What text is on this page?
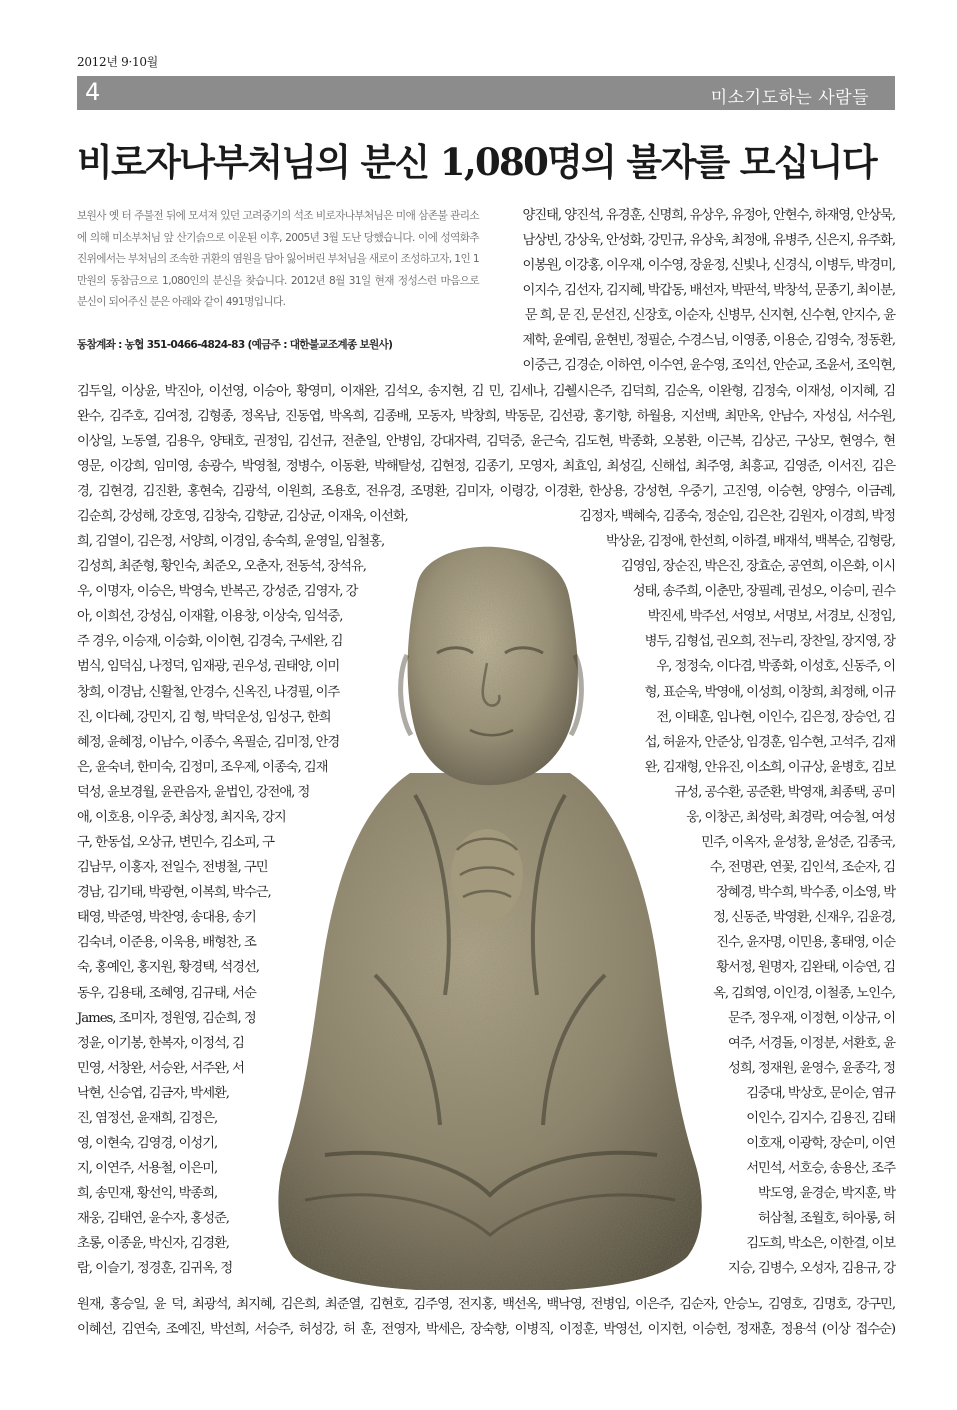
2012년 9·10월
4	미소기도하는 사람들
비로자나부처님의 분신 1,080명의 불자를 모십니다
보원사 옛 터 주불전 뒤에 모셔져 있던 고려중기의 석조 비로자나부처님은 미애 삼존불 관리소에 의해 미소부처님 앞 산기슭으로 이운된 이후, 2005년 3월 도난 당했습니다. 이에 성역화추진위에서는 부처님의 조속한 귀환의 염원을 담아 잃어버린 부처님을 새로이 조성하고자, 1인 1만원의 동참금으로 1,080인의 분신을 찾습니다. 2012년 8월 31일 현재 정성스런 마음으로 분신이 되어주신 분은 아래와 같이 491명입니다.
동참계좌 : 농협 351-0466-4824-83 (예금주 : 대한불교조계종 보원사)
양진태, 양진석, 유경훈, 신명희, 유상우, 유정아, 안현수, 하재영, 안상묵,
남상빈, 강상욱, 안성화, 강민규, 유상욱, 최정애, 유병주, 신은지, 유주화,
이봉원, 이강홍, 이우재, 이수영, 장윤정, 신빛나, 신경식, 이병두, 박경미,
이지수, 김선자, 김지혜, 박갑동, 배선자, 박판석, 박창석, 문종기, 최이분,
문 희, 문 진, 문선진, 신장호, 이순자, 신병무, 신지현, 신수현, 안지수, 윤
제학, 윤예림, 윤현빈, 정필순, 수경스님, 이영종, 이용순, 김영숙, 정동환,
이중근, 김경순, 이하연, 이수연, 윤수영, 조익선, 안순교, 조윤서, 조익현,
김두일, 이상윤, 박진아, 이선영, 이승아, 황영미, 이재완, 김석오, 송지현, 김 민, 김세나, 김췔시은주, 김덕희, 김순옥, 이완형, 김정숙, 이재성, 이지혜, 김
완수, 김주호, 김여정, 김형종, 정옥남, 진동엽, 박옥희, 김종배, 모동자, 박창희, 박동문, 김선광, 홍기향, 하월용, 지선백, 최만옥, 안남수, 자성심, 서수원,
이상일, 노동열, 김용우, 양태호, 권정임, 김선규, 전춘일, 안병임, 강대자력, 김덕중, 윤근숙, 김도현, 박종화, 오봉환, 이근복, 김상곤, 구상모, 현영수, 현
영문, 이강희, 임미영, 송광수, 박영철, 정병수, 이동환, 박해탈성, 김현정, 김종기, 모영자, 최효임, 최성길, 신해섭, 최주영, 최흥교, 김영준, 이서진, 김은
경, 김현경, 김진환, 홍현숙, 김광석, 이원희, 조용호, 전유경, 조명환, 김미자, 이령강, 이경환, 한상용, 강성현, 우중기, 고진영, 이승현, 양영수, 이금례,
김순희, 강성해, 강호영, 김창숙, 김향균, 김상균, 이재욱, 이선화,
희, 김열이, 김은정, 서양희, 이경임, 송숙희, 윤영일, 임철홍,
김성희, 최준형, 황인숙, 최준오, 오춘자, 전동석, 장석유,
우, 이명자, 이승은, 박영숙, 반복곤, 강성준, 김영자, 강
아, 이희선, 강성심, 이재활, 이용창, 이상숙, 임석중,
주 경우, 이승재, 이승화, 이이현, 김경숙, 구세완, 김
범식, 임덕심, 나정덕, 임재광, 권우성, 권태양, 이미
창희, 이경남, 신활철, 안경수, 신옥진, 나경필, 이주
진, 이다혜, 강민지, 김 형, 박덕운성, 임성구, 한희
혜정, 윤혜정, 이남수, 이종수, 옥필순, 김미정, 안경
은, 윤숙녀, 한미숙, 김정미, 조우제, 이종숙, 김재
덕성, 윤보경월, 윤관음자, 윤법인, 강전애, 정
애, 이호용, 이우중, 최상정, 최지욱, 강지
구, 한동섭, 오상규, 변민수, 김소피, 구
김남무, 이홍자, 전일수, 전병철, 구민
경남, 김기태, 박광현, 이복희, 박수근,
태영, 박준영, 박찬영, 송대용, 송기
김숙녀, 이준용, 이욱용, 배형찬, 조
숙, 홍예인, 홍지원, 황경택, 석경선,
동우, 김용태, 조혜영, 김규태, 서순
James, 조미자, 정원영, 김순희, 정
정윤, 이기봉, 한복자, 이정석, 김
민영, 서창완, 서승완, 서주완, 서
낙현, 신승엽, 김금자, 박세환,
진, 염정선, 윤재희, 김정은,
영, 이현숙, 김영경, 이성기,
지, 이연주, 서용철, 이은미,
희, 송민재, 황선익, 박종희,
재웅, 김태연, 윤수자, 홍성준,
초롱, 이종윤, 박신자, 김경환,
람, 이슬기, 정경훈, 김귀옥, 정
김정자, 백혜숙, 김종숙, 정순임, 김은찬, 김원자, 이경희, 박정
박상윤, 김정애, 한선희, 이하결, 배재석, 백복순, 김형랑,
김영임, 장순진, 박은진, 장효순, 공연희, 이은화, 이시
성태, 송주희, 이춘만, 장필례, 권성오, 이승미, 권수
박진세, 박주선, 서영보, 서명보, 서경보, 신정임,
병두, 김형섭, 권오희, 전누리, 장찬일, 장지영, 장
우, 정정숙, 이다겸, 박종화, 이성호, 신동주, 이
형, 표순욱, 박영애, 이성희, 이창희, 최정해, 이규
전, 이태훈, 임나현, 이인수, 김은정, 장승언, 김
섭, 허윤자, 안준상, 임경훈, 임수현, 고석주, 김재
완, 김재형, 안유진, 이소희, 이규상, 윤병호, 김보
규성, 공수환, 공준환, 박영재, 최종택, 공미
웅, 이창곤, 최성락, 최경락, 여승철, 여성
민주, 이옥자, 윤성창, 윤성준, 김종국,
수, 전명관, 연꽃, 김인석, 조순자, 김
장혜경, 박수희, 박수종, 이소영, 박
정, 신동준, 박영환, 신재우, 김윤경,
진수, 윤자명, 이민용, 홍태영, 이순
황서정, 원명자, 김완태, 이승연, 김
옥, 김희영, 이인경, 이철종, 노인수,
문주, 정우재, 이정현, 이상규, 이
여주, 서경돌, 이정분, 서환호, 윤
성희, 정재원, 윤영수, 윤종각, 정
김중대, 박상호, 문이순, 염규
이인수, 김지수, 김용진, 김태
이호재, 이광학, 장순미, 이연
서민석, 서호승, 송용산, 조주
박도영, 윤경순, 박지훈, 박
허삼철, 조월호, 허아롱, 허
김도희, 박소은, 이한결, 이보
지승, 김병수, 오성자, 김용규, 강
원재, 홍승일, 윤 덕, 최광석, 최지혜, 김은희, 최준열, 김현호, 김주영, 전지홍, 백선옥, 백낙영, 전병임, 이은주, 김순자, 안승노, 김영호, 김명호, 강구민,
이혜선, 김연숙, 조예진, 박선희, 서승주, 허성강, 허 훈, 전영자, 박세은, 장숙향, 이병직, 이정훈, 박영선, 이지헌, 이승헌, 정재훈, 정용석 (이상 접수순)
